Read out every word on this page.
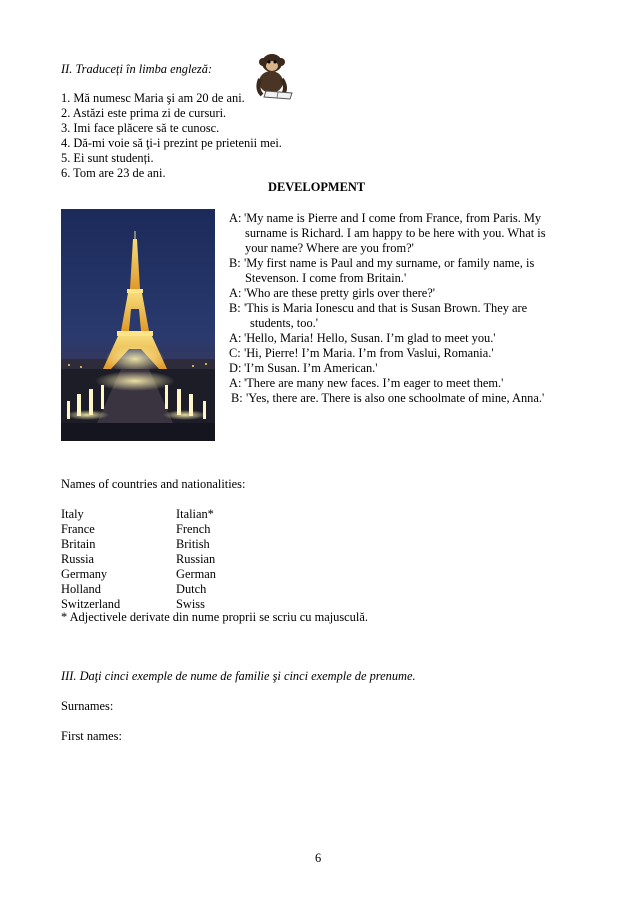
II. Traduceți în limba engleză:
1. Mă numesc Maria şi am 20 de ani.
2. Astăzi este prima zi de cursuri.
3. Imi face plăcere să te cunosc.
4. Dă-mi voie să ţi-i prezint pe prietenii mei.
5. Ei sunt studenți.
6. Tom are 23 de ani.
DEVELOPMENT
A: 'My name is Pierre and I come from France, from Paris. My
surname is Richard. I am happy to be here with you. What is
your name? Where are you from?'
B: 'My first name is Paul and my surname, or family name, is
Stevenson. I come from Britain.'
A: 'Who are these pretty girls over there?'
B: 'This is Maria Ionescu and that is Susan Brown. They are
students, too.'
A: 'Hello, Maria! Hello, Susan. I’m glad to meet you.'
C: 'Hi, Pierre! I’m Maria. I’m from Vaslui, Romania.'
D: 'I’m Susan. I’m American.'
A: 'There are many new faces. I’m eager to meet them.'
B: 'Yes, there are. There is also one schoolmate of mine, Anna.'
Names of countries and nationalities:
Italy	Italian*
France	French
Britain	British
Russia	Russian
Germany	German
Holland	Dutch
Switzerland	Swiss
* Adjectivele derivate din nume proprii se scriu cu majusculă.
III. Daţi cinci exemple de nume de familie şi cinci exemple de prenume.
Surnames:
First names:
6
